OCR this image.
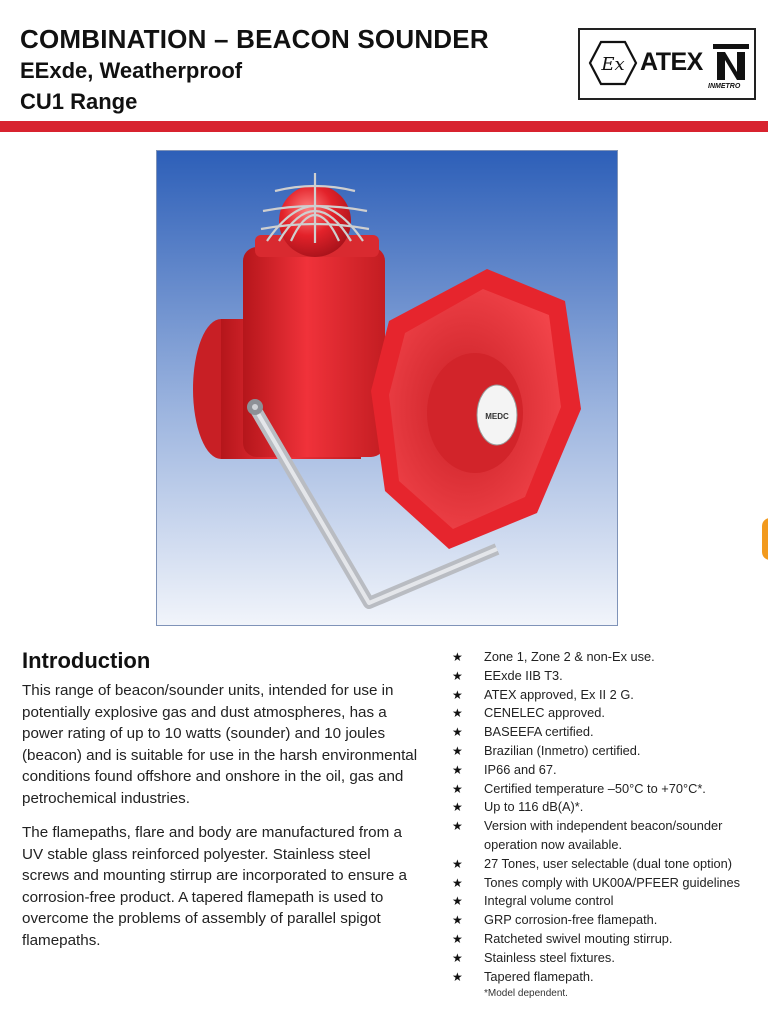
COMBINATION – BEACON SOUNDER
EExde, Weatherproof
CU1 Range
Ex ATEX
INMETRO
MEDC
Introduction

This range of beacon/sounder units, intended for use in potentially explosive gas and dust atmospheres, has a power rating of up to 10 watts (sounder) and 10 joules (beacon) and is suitable for use in the harsh environmental conditions found offshore and onshore in the oil, gas and petrochemical industries.

The flamepaths, flare and body are manufactured from a UV stable glass reinforced polyester. Stainless steel screws and mounting stirrup are incorporated to ensure a corrosion-free product. A tapered flamepath is used to overcome the problems of assembly of parallel spigot flamepaths.

★ Zone 1, Zone 2 & non-Ex use.
★ EExde IIB T3.
★ ATEX approved, Ex II 2 G.
★ CENELEC approved.
★ BASEEFA certified.
★ Brazilian (Inmetro) certified.
★ IP66 and 67.
★ Certified temperature –50°C to +70°C*.
★ Up to 116 dB(A)*.
★ Version with independent beacon/sounder operation now available.
★ 27 Tones, user selectable (dual tone option)
★ Tones comply with UK00A/PFEER guidelines
★ Integral volume control
★ GRP corrosion-free flamepath.
★ Ratcheted swivel mouting stirrup.
★ Stainless steel fixtures.
★ Tapered flamepath.
*Model dependent.
